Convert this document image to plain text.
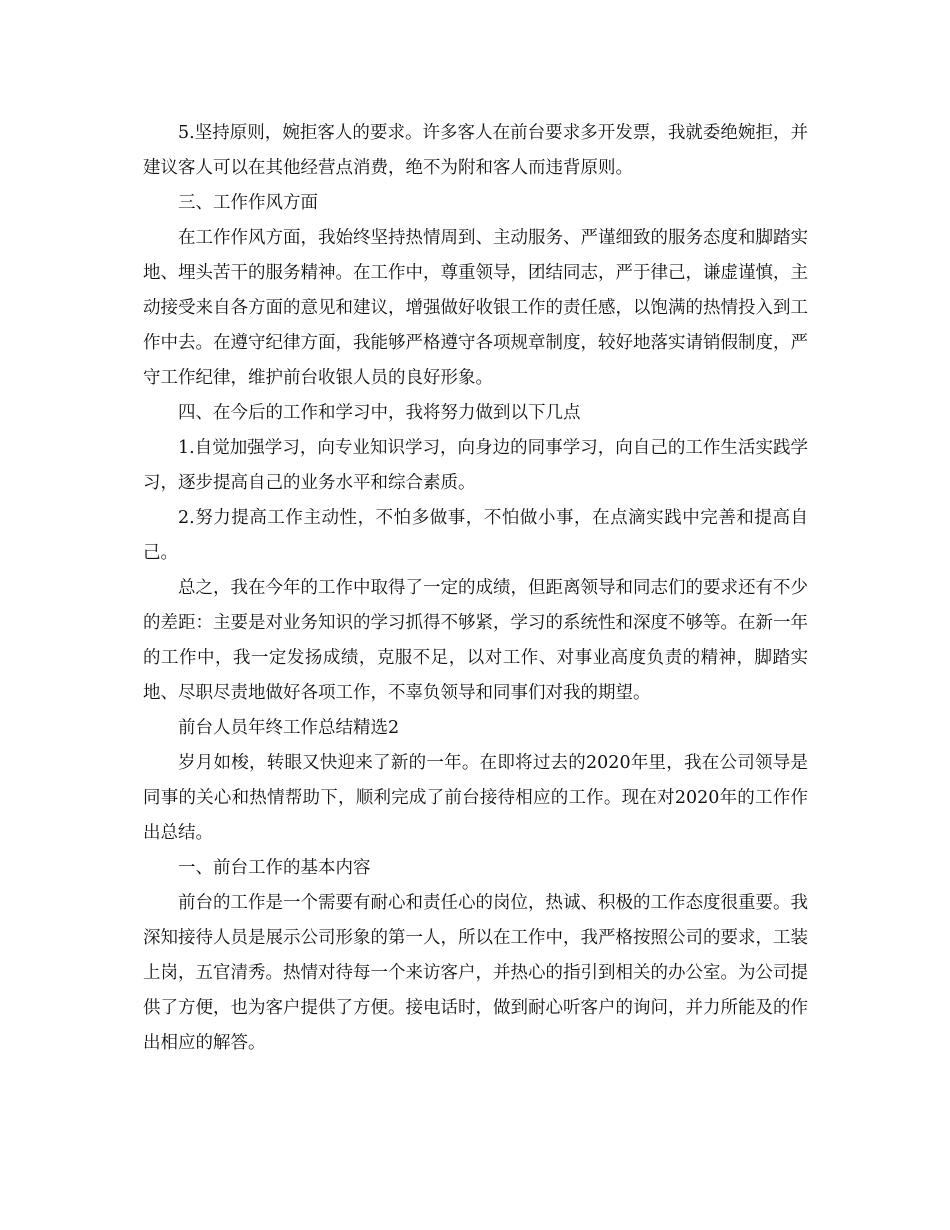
5.坚持原则，婉拒客人的要求。许多客人在前台要求多开发票，我就委绝婉拒，并建议客人可以在其他经营点消费，绝不为附和客人而违背原则。

三、工作作风方面

在工作作风方面，我始终坚持热情周到、主动服务、严谨细致的服务态度和脚踏实地、埋头苦干的服务精神。在工作中，尊重领导，团结同志，严于律己，谦虚谨慎，主动接受来自各方面的意见和建议，增强做好收银工作的责任感，以饱满的热情投入到工作中去。在遵守纪律方面，我能够严格遵守各项规章制度，较好地落实请销假制度，严守工作纪律，维护前台收银人员的良好形象。

四、在今后的工作和学习中，我将努力做到以下几点

1.自觉加强学习，向专业知识学习，向身边的同事学习，向自己的工作生活实践学习，逐步提高自己的业务水平和综合素质。

2.努力提高工作主动性，不怕多做事，不怕做小事，在点滴实践中完善和提高自己。

总之，我在今年的工作中取得了一定的成绩，但距离领导和同志们的要求还有不少的差距：主要是对业务知识的学习抓得不够紧，学习的系统性和深度不够等。在新一年的工作中，我一定发扬成绩，克服不足，以对工作、对事业高度负责的精神，脚踏实地、尽职尽责地做好各项工作，不辜负领导和同事们对我的期望。

前台人员年终工作总结精选2

岁月如梭，转眼又快迎来了新的一年。在即将过去的2020年里，我在公司领导是同事的关心和热情帮助下，顺利完成了前台接待相应的工作。现在对2020年的工作作出总结。

一、前台工作的基本内容

前台的工作是一个需要有耐心和责任心的岗位，热诚、积极的工作态度很重要。我深知接待人员是展示公司形象的第一人，所以在工作中，我严格按照公司的要求，工装上岗，五官清秀。热情对待每一个来访客户，并热心的指引到相关的办公室。为公司提供了方便，也为客户提供了方便。接电话时，做到耐心听客户的询问，并力所能及的作出相应的解答。
